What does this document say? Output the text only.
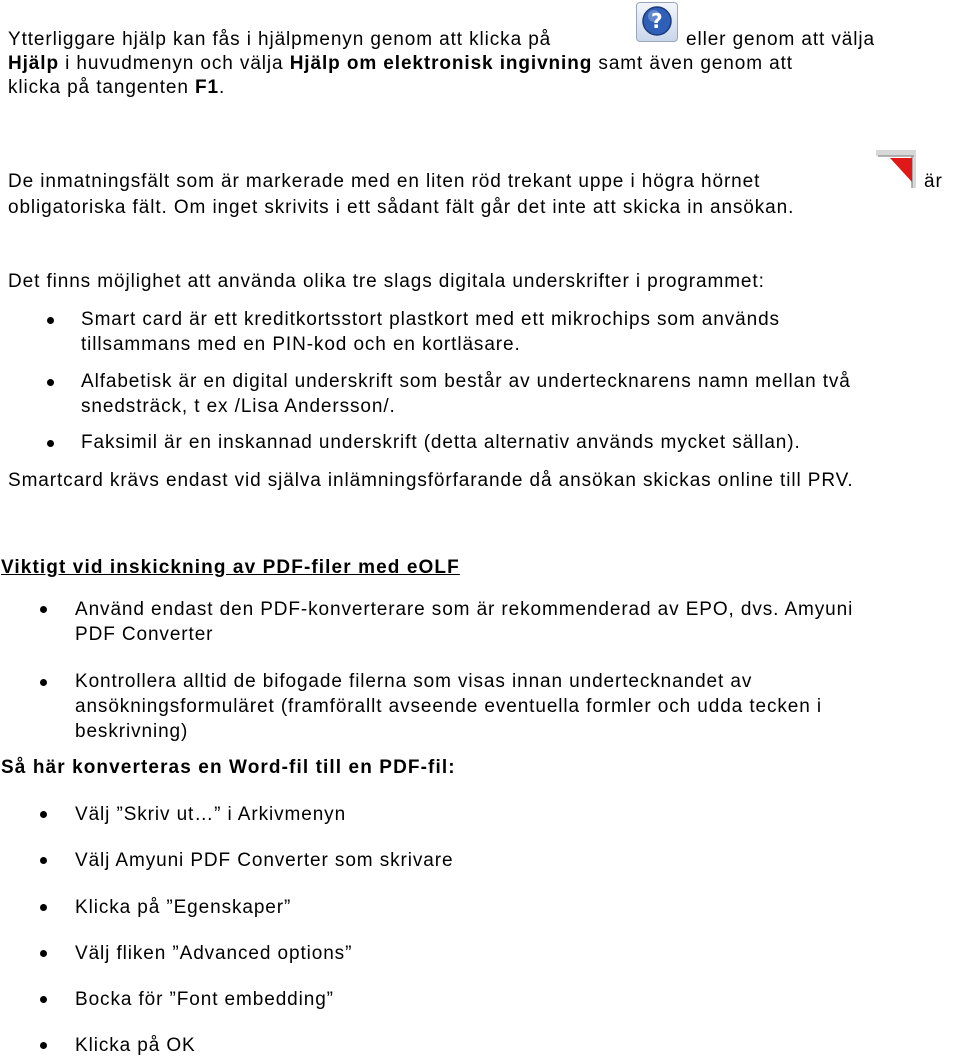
Ytterliggare hjälp kan fås i hjälpmenyn genom att klicka på
?
eller genom att välja
Hjälp i huvudmenyn och välja Hjälp om elektronisk ingivning samt även genom att
klicka på tangenten F1.
De inmatningsfält som är markerade med en liten röd trekant uppe i högra hörnet	är
obligatoriska fält. Om inget skrivits i ett sådant fält går det inte att skicka in ansökan.
Det finns möjlighet att använda olika tre slags digitala underskrifter i programmet:
Smart card är ett kreditkortsstort plastkort med ett mikrochips som används
tillsammans med en PIN-kod och en kortläsare.
Alfabetisk är en digital underskrift som består av undertecknarens namn mellan två
snedsträck, t ex /Lisa Andersson/.
Faksimil är en inskannad underskrift (detta alternativ används mycket sällan).
Smartcard krävs endast vid själva inlämningsförfarande då ansökan skickas online till PRV.
Viktigt vid inskickning av PDF-filer med eOLF
Använd endast den PDF-konverterare som är rekommenderad av EPO, dvs. Amyuni
PDF Converter
Kontrollera alltid de bifogade filerna som visas innan undertecknandet av
ansökningsformuläret (framförallt avseende eventuella formler och udda tecken i
beskrivning)
Så här konverteras en Word-fil till en PDF-fil:
Välj ”Skriv ut…” i Arkivmenyn
Välj Amyuni PDF Converter som skrivare
Klicka på ”Egenskaper”
Välj fliken ”Advanced options”
Bocka för ”Font embedding”
Klicka på OK
